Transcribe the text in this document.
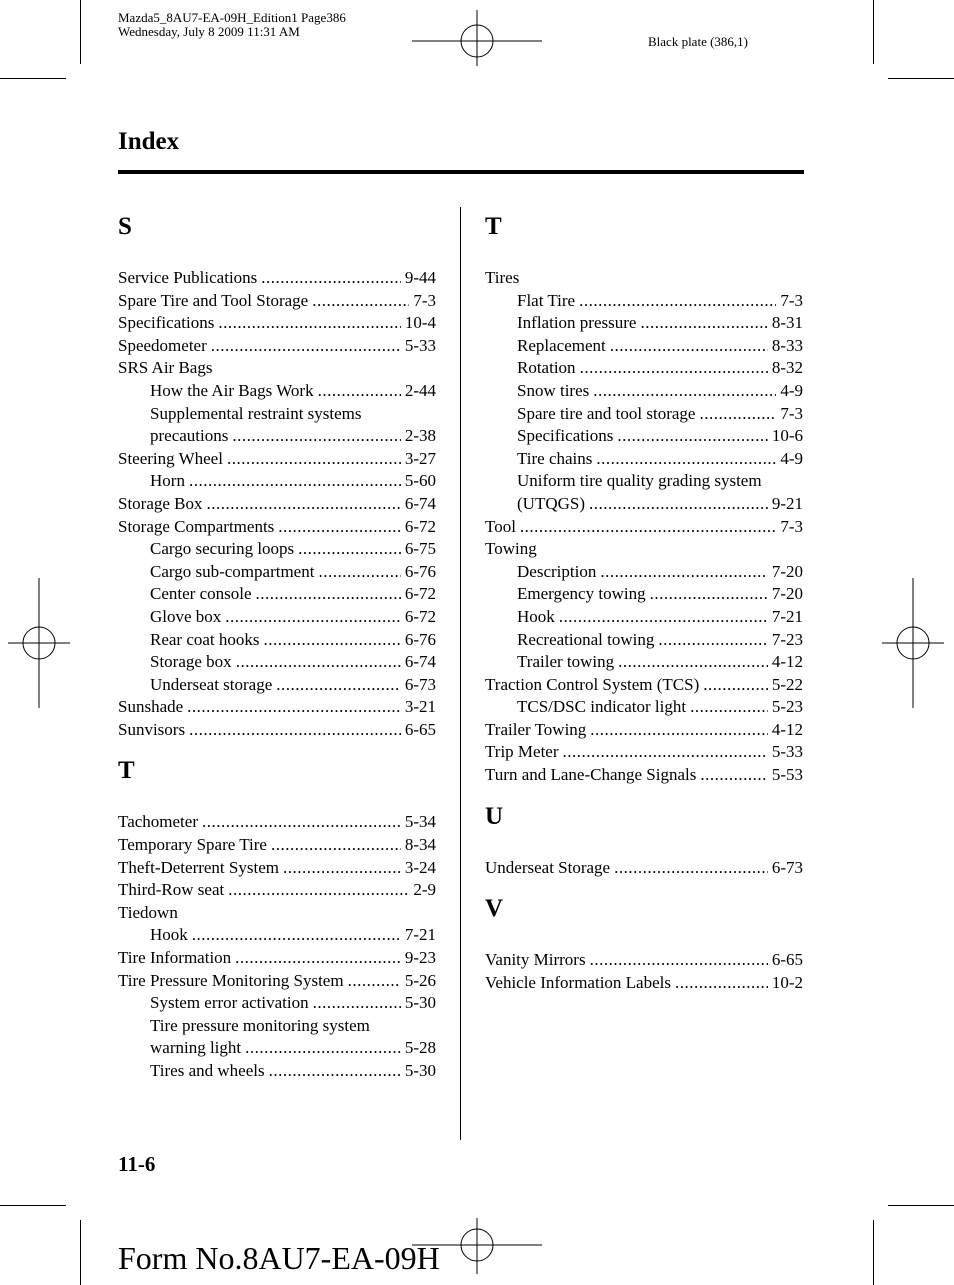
Mazda5_8AU7-EA-09H_Edition1 Page386
Wednesday, July 8 2009 11:31 AM
Black plate (386,1)
Index
S
Service Publications .....	9-44
Spare Tire and Tool Storage .....	7-3
Specifications .....	10-4
Speedometer .....	5-33
SRS Air Bags
How the Air Bags Work .....	2-44
Supplemental restraint systems
precautions .....	2-38
Steering Wheel .....	3-27
Horn .....	5-60
Storage Box .....	6-74
Storage Compartments .....	6-72
Cargo securing loops .....	6-75
Cargo sub-compartment .....	6-76
Center console .....	6-72
Glove box .....	6-72
Rear coat hooks .....	6-76
Storage box .....	6-74
Underseat storage .....	6-73
Sunshade .....	3-21
Sunvisors .....	6-65
T
Tachometer .....	5-34
Temporary Spare Tire .....	8-34
Theft-Deterrent System .....	3-24
Third-Row seat .....	2-9
Tiedown
Hook .....	7-21
Tire Information .....	9-23
Tire Pressure Monitoring System .....	5-26
System error activation .....	5-30
Tire pressure monitoring system
warning light .....	5-28
Tires and wheels .....	5-30
T
Tires
Flat Tire .....	7-3
Inflation pressure .....	8-31
Replacement .....	8-33
Rotation .....	8-32
Snow tires .....	4-9
Spare tire and tool storage .....	7-3
Specifications .....	10-6
Tire chains .....	4-9
Uniform tire quality grading system
(UTQGS) .....	9-21
Tool .....	7-3
Towing
Description .....	7-20
Emergency towing .....	7-20
Hook .....	7-21
Recreational towing .....	7-23
Trailer towing .....	4-12
Traction Control System (TCS) .....	5-22
TCS/DSC indicator light .....	5-23
Trailer Towing .....	4-12
Trip Meter .....	5-33
Turn and Lane-Change Signals .....	5-53
U
Underseat Storage .....	6-73
V
Vanity Mirrors .....	6-65
Vehicle Information Labels .....	10-2
11-6
Form No.8AU7-EA-09H
